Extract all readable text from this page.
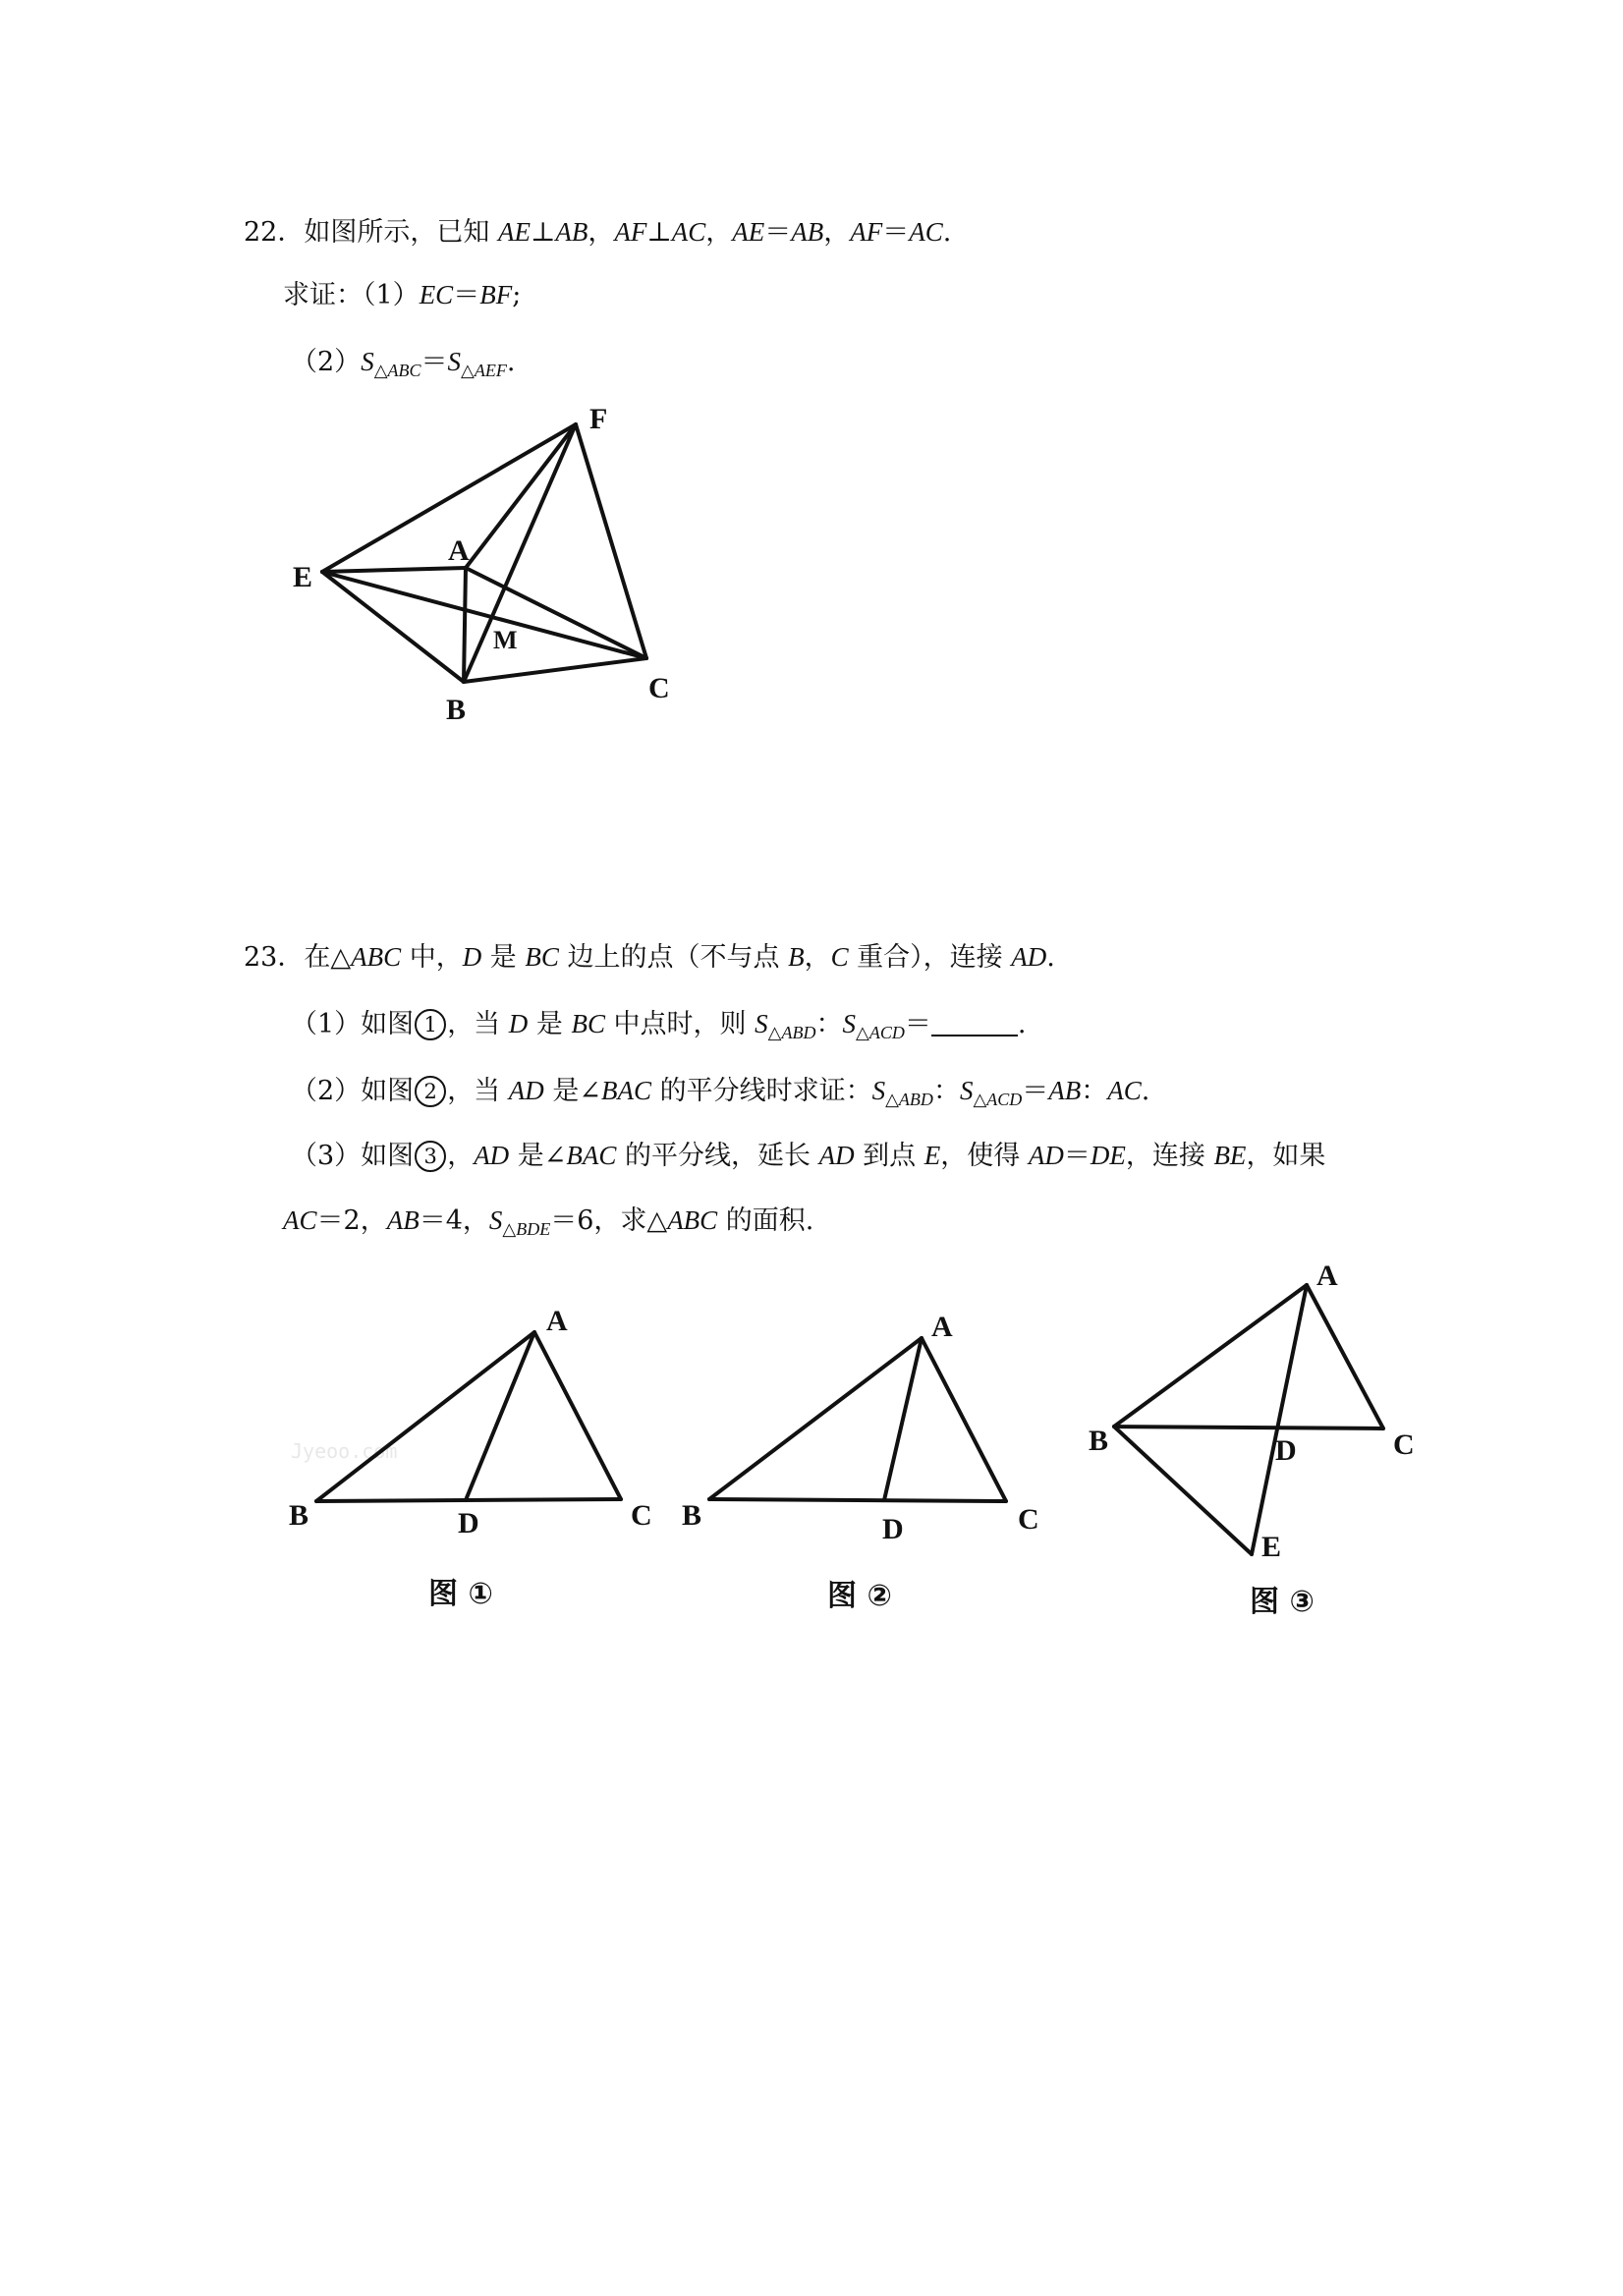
22．如图所示，已知 AE⊥AB，AF⊥AC，AE＝AB，AF＝AC.
求证：（1）EC＝BF;
$(2)S_{\triangle ABC}=S_{\triangle AEF}$.
E
A
F
M
B
C
23．在△ABC 中，D 是 BC 边上的点（不与点 B，C 重合），连接 AD.
（1）如图 1 ，当 D 是 BC 中点时，则 $S_{\triangle ABD}$：$S_{\triangle ACD}=$	.
（2）如图 2 ，当 AD 是∠BAC 的平分线时求证：$S_{\triangle ABD}$：$S_{\triangle ACD}=AB$：AC.
（3）如图 3 ，AD 是∠BAC 的平分线，延长 AD 到点 E，使得 AD＝DE，连接 BE，如果
AC＝2，AB＝4，$S_{\triangle BDE}=6$，求△ABC 的面积.
Jyeoo.com
A
B	C
D
图 ①
A
B	C
D
图 ②
A
B	C
D
E
图 ③
